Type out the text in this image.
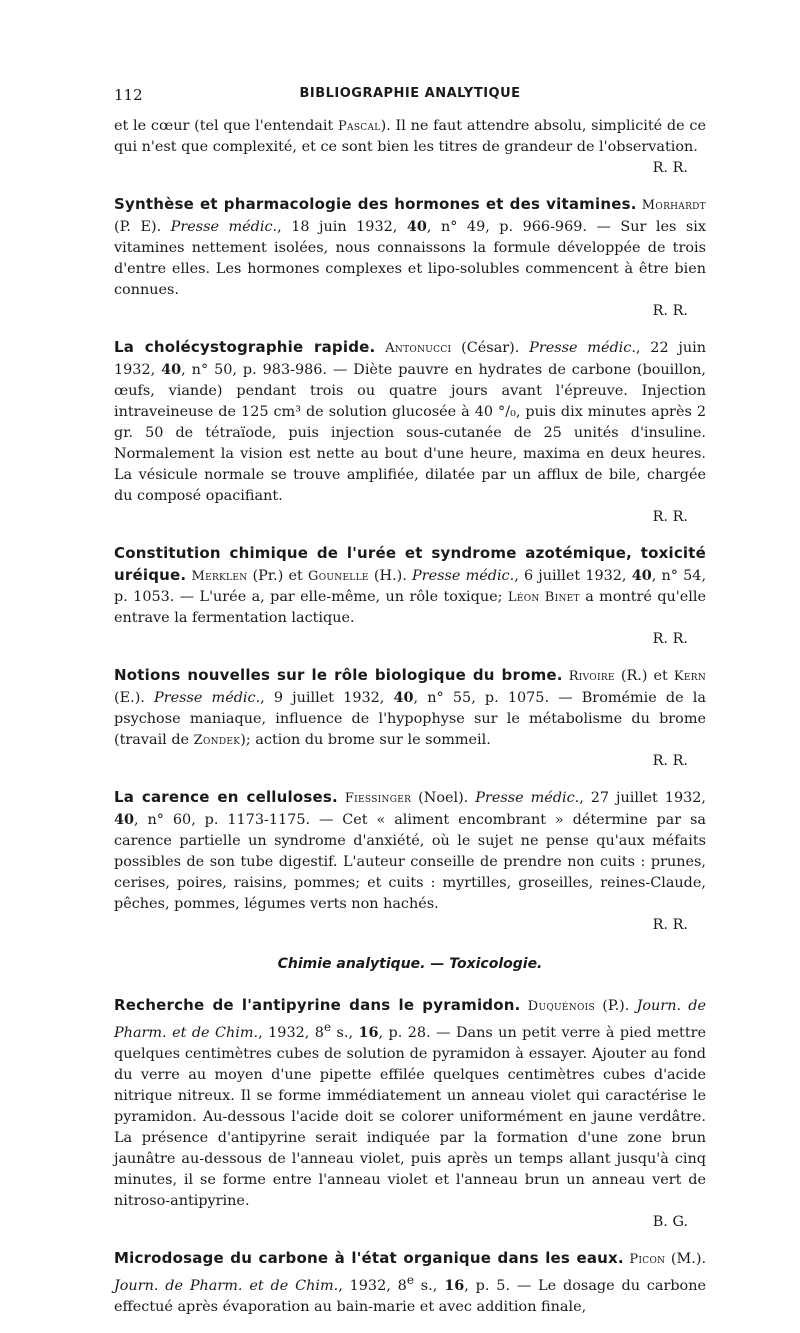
112	BIBLIOGRAPHIE ANALYTIQUE

et le cœur (tel que l'entendait Pascal). Il ne faut attendre absolu, simplicité de ce qui n'est que complexité, et ce sont bien les titres de grandeur de l'observation.
R. R.

Synthèse et pharmacologie des hormones et des vitamines. Morhardt (P. E). Presse médic., 18 juin 1932, 40, n° 49, p. 966-969. — Sur les six vitamines nettement isolées, nous connaissons la formule développée de trois d'entre elles. Les hormones complexes et lipo-solubles commencent à être bien connues.
R. R.

La cholécystographie rapide. Antonucci (César). Presse médic., 22 juin 1932, 40, n° 50, p. 983-986. — Diète pauvre en hydrates de carbone (bouillon, œufs, viande) pendant trois ou quatre jours avant l'épreuve. Injection intraveineuse de 125 cm³ de solution glucosée à 40 °/₀, puis dix minutes après 2 gr. 50 de tétraïode, puis injection sous-cutanée de 25 unités d'insuline. Normalement la vision est nette au bout d'une heure, maxima en deux heures. La vésicule normale se trouve amplifiée, dilatée par un afflux de bile, chargée du composé opacifiant.
R. R.

Constitution chimique de l'urée et syndrome azotémique, toxicité uréique. Merklen (Pr.) et Gounelle (H.). Presse médic., 6 juillet 1932, 40, n° 54, p. 1053. — L'urée a, par elle-même, un rôle toxique; Léon Binet a montré qu'elle entrave la fermentation lactique.
R. R.

Notions nouvelles sur le rôle biologique du brome. Rivoire (R.) et Kern (E.). Presse médic., 9 juillet 1932, 40, n° 55, p. 1075. — Bromémie de la psychose maniaque, influence de l'hypophyse sur le métabolisme du brome (travail de Zondek); action du brome sur le sommeil.
R. R.

La carence en celluloses. Fiessinger (Noel). Presse médic., 27 juillet 1932, 40, n° 60, p. 1173-1175. — Cet « aliment encombrant » détermine par sa carence partielle un syndrome d'anxiété, où le sujet ne pense qu'aux méfaits possibles de son tube digestif. L'auteur conseille de prendre non cuits : prunes, cerises, poires, raisins, pommes; et cuits : myrtilles, groseilles, reines-Claude, pêches, pommes, légumes verts non hachés.
R. R.

Chimie analytique. — Toxicologie.

Recherche de l'antipyrine dans le pyramidon. Duquénois (P.). Journ. de Pharm. et de Chim., 1932, 8e s., 16, p. 28. — Dans un petit verre à pied mettre quelques centimètres cubes de solution de pyramidon à essayer. Ajouter au fond du verre au moyen d'une pipette effilée quelques centimètres cubes d'acide nitrique nitreux. Il se forme immédiatement un anneau violet qui caractérise le pyramidon. Au-dessous l'acide doit se colorer uniformément en jaune verdâtre. La présence d'antipyrine serait indiquée par la formation d'une zone brun jaunâtre au-dessous de l'anneau violet, puis après un temps allant jusqu'à cinq minutes, il se forme entre l'anneau violet et l'anneau brun un anneau vert de nitroso-antipyrine.
B. G.

Microdosage du carbone à l'état organique dans les eaux. Picon (M.). Journ. de Pharm. et de Chim., 1932, 8e s., 16, p. 5. — Le dosage du carbone effectué après évaporation au bain-marie et avec addition finale,
